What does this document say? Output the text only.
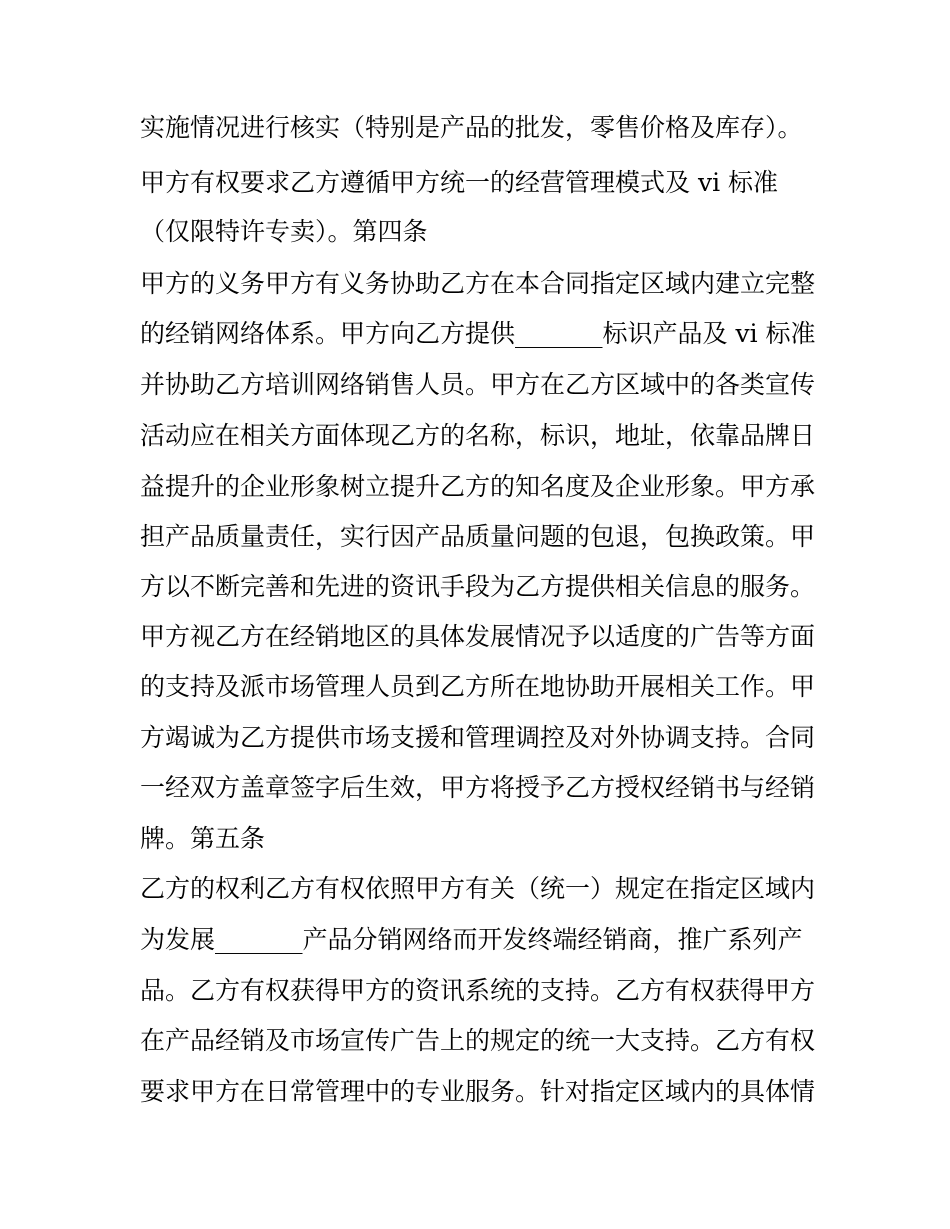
实施情况进行核实（特别是产品的批发，零售价格及库存）。
甲方有权要求乙方遵循甲方统一的经营管理模式及 vi 标准
（仅限特许专卖）。第四条
甲方的义务甲方有义务协助乙方在本合同指定区域内建立完整
的经销网络体系。甲方向乙方提供_______标识产品及 vi 标准
并协助乙方培训网络销售人员。甲方在乙方区域中的各类宣传
活动应在相关方面体现乙方的名称，标识，地址，依靠品牌日
益提升的企业形象树立提升乙方的知名度及企业形象。甲方承
担产品质量责任，实行因产品质量问题的包退，包换政策。甲
方以不断完善和先进的资讯手段为乙方提供相关信息的服务。
甲方视乙方在经销地区的具体发展情况予以适度的广告等方面
的支持及派市场管理人员到乙方所在地协助开展相关工作。甲
方竭诚为乙方提供市场支援和管理调控及对外协调支持。合同
一经双方盖章签字后生效，甲方将授予乙方授权经销书与经销
牌。第五条
乙方的权利乙方有权依照甲方有关（统一）规定在指定区域内
为发展_______产品分销网络而开发终端经销商，推广系列产
品。乙方有权获得甲方的资讯系统的支持。乙方有权获得甲方
在产品经销及市场宣传广告上的规定的统一大支持。乙方有权
要求甲方在日常管理中的专业服务。针对指定区域内的具体情
